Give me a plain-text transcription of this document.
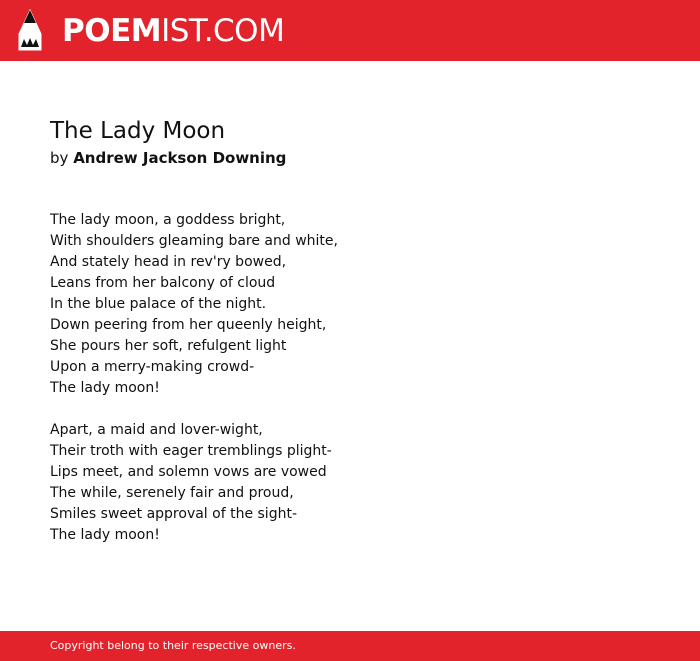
POEMIST.COM
The Lady Moon
by Andrew Jackson Downing
The lady moon, a goddess bright,
With shoulders gleaming bare and white,
And stately head in rev'ry bowed,
Leans from her balcony of cloud
In the blue palace of the night.
Down peering from her queenly height,
She pours her soft, refulgent light
Upon a merry-making crowd-
The lady moon!
Apart, a maid and lover-wight,
Their troth with eager tremblings plight-
Lips meet, and solemn vows are vowed
The while, serenely fair and proud,
Smiles sweet approval of the sight-
The lady moon!
Copyright belong to their respective owners.
